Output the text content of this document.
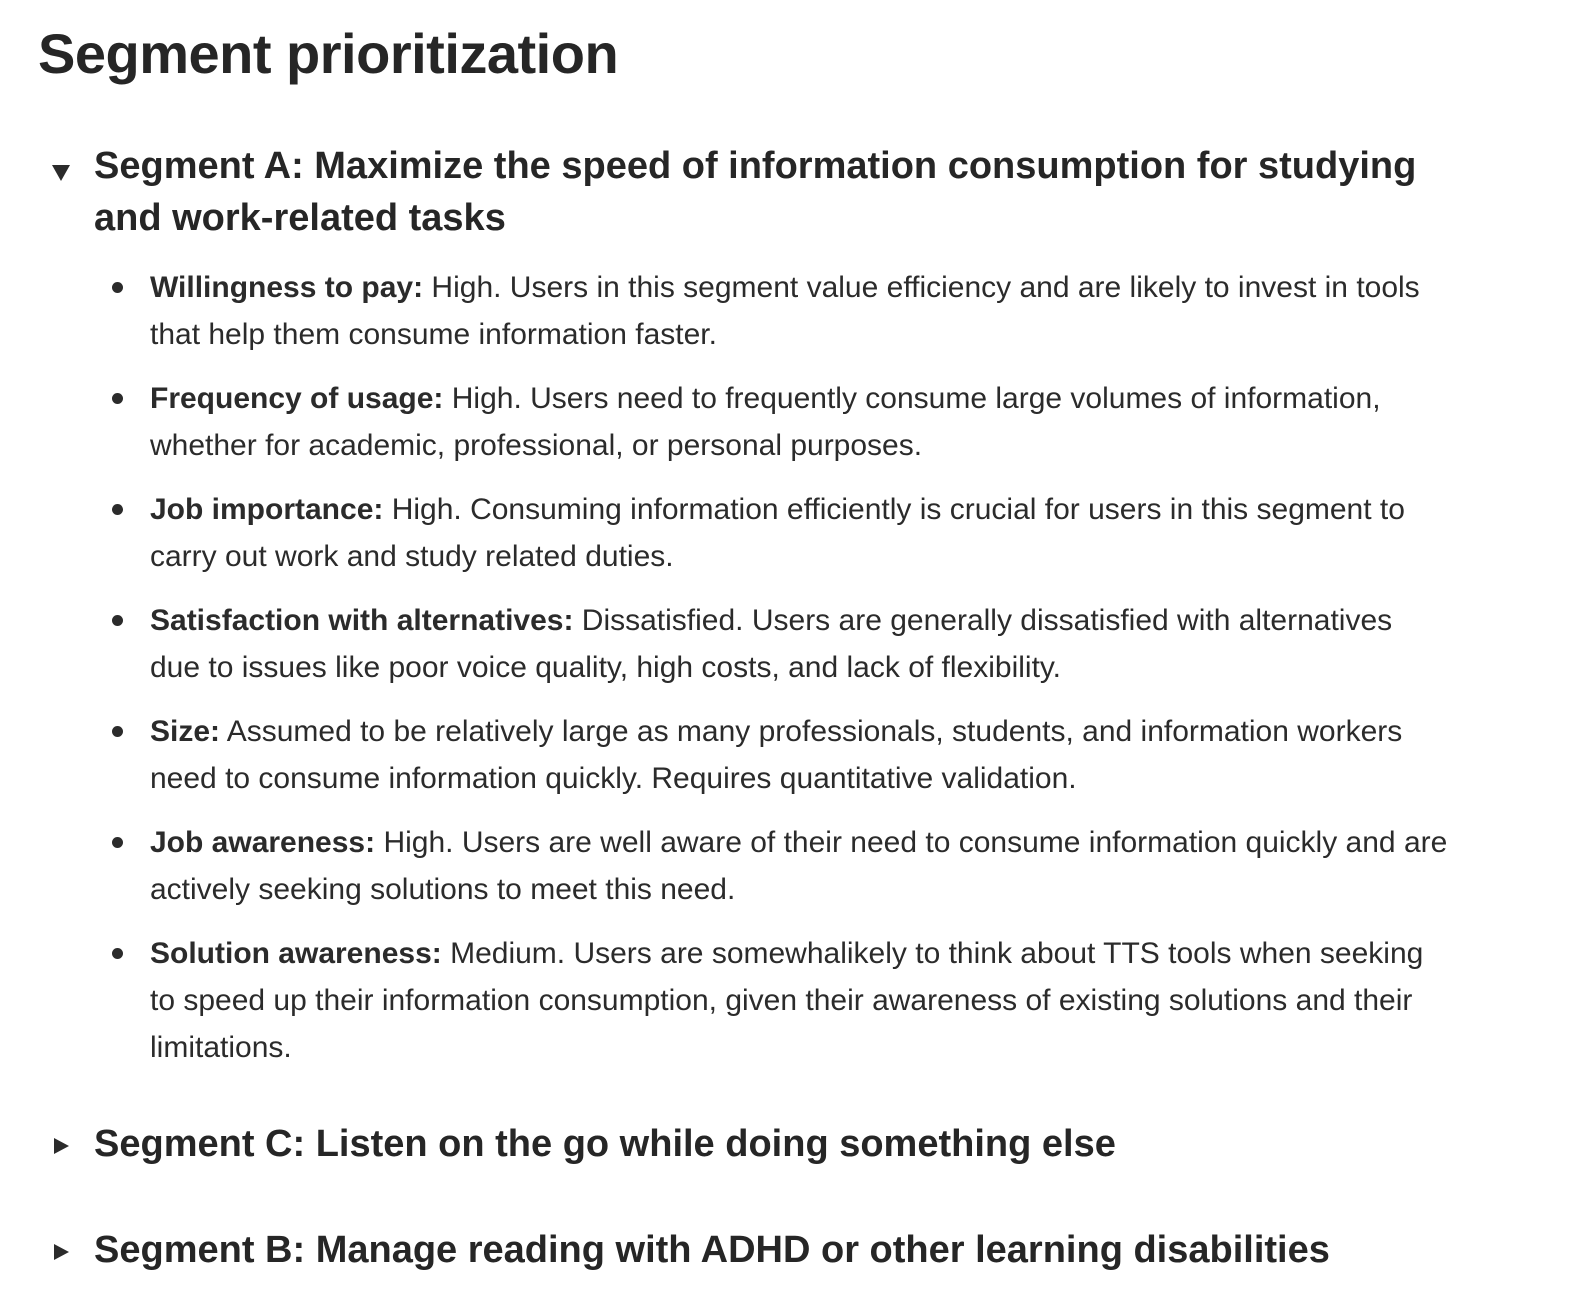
Segment prioritization
Segment A: Maximize the speed of information consumption for studying and work-related tasks
Willingness to pay: High. Users in this segment value efficiency and are likely to invest in tools that help them consume information faster.
Frequency of usage: High. Users need to frequently consume large volumes of information, whether for academic, professional, or personal purposes.
Job importance: High. Consuming information efficiently is crucial for users in this segment to carry out work and study related duties.
Satisfaction with alternatives: Dissatisfied. Users are generally dissatisfied with alternatives due to issues like poor voice quality, high costs, and lack of flexibility.
Size: Assumed to be relatively large as many professionals, students, and information workers need to consume information quickly. Requires quantitative validation.
Job awareness: High. Users are well aware of their need to consume information quickly and are actively seeking solutions to meet this need.
Solution awareness: Medium. Users are somewhalikely to think about TTS tools when seeking to speed up their information consumption, given their awareness of existing solutions and their limitations.
Segment C: Listen on the go while doing something else
Segment B: Manage reading with ADHD or other learning disabilities
